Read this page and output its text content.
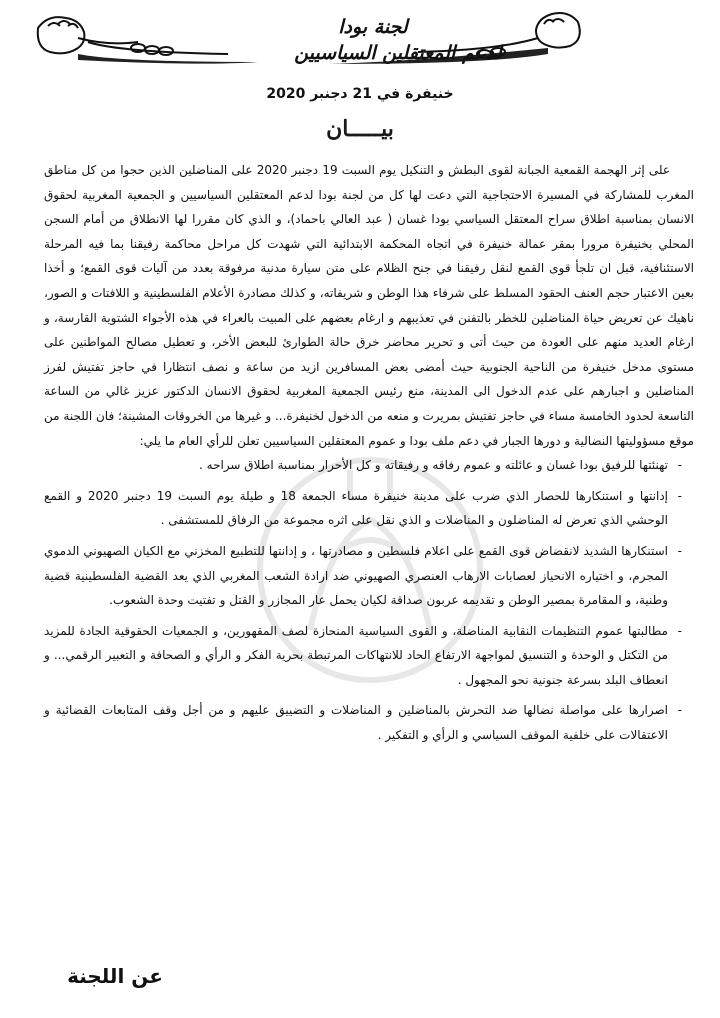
لجنة بودا
لدعم المعتقلين السياسيين
خنيفرة في 21 دجنبر 2020
بيـــــان

على إثر الهجمة القمعية الجبانة لقوى البطش و التنكيل يوم السبت 19 دجنبر 2020 على المناضلين الذين حجوا من كل مناطق المغرب للمشاركة في المسيرة الاحتجاجية التي دعت لها كل من لجنة بودا لدعم المعتقلين السياسيين و الجمعية المغربية لحقوق الانسان بمناسبة اطلاق سراح المعتقل السياسي بودا غسان ( عبد العالي باحماد)، و الذي كان مقررا لها الانطلاق من أمام السجن المحلي بخنيفرة مرورا بمقر عمالة خنيفرة في اتجاه المحكمة الابتدائية التي شهدت كل مراحل محاكمة رفيقنا بما فيه المرحلة الاستئنافية، قبل ان تلجأ قوى القمع لنقل رفيقنا في جنح الظلام على متن سيارة مدنية مرفوقة بعدد من آليات قوى القمع؛ و أخذا بعين الاعتبار حجم العنف الحقود المسلط على شرفاء هذا الوطن و شريفاته، و كذلك مصادرة الأعلام الفلسطينية و اللافتات و الصور، ناهيك عن تعريض حياة المناضلين للخطر بالتفنن في تعذيبهم و ارغام بعضهم على المبيت بالعراء في هذه الأجواء الشتوية القارسة، و ارغام العديد منهم على العودة من حيث أتى و تحرير محاضر خرق حالة الطوارئ للبعض الأخر، و تعطيل مصالح المواطنين على مستوى مدخل خنيفرة من الناحية الجنوبية حيث أمضى بعض المسافرين ازيد من ساعة و نصف انتظارا في حاجز تفتيش لفرز المناضلين و اجبارهم على عدم الدخول الى المدينة، منع رئيس الجمعية المغربية لحقوق الانسان الدكتور عزيز غالي من الساعة التاسعة لحدود الخامسة مساء في حاجز تفتيش بمريرت و منعه من الدخول لخنيفرة... و غيرها من الخروقات المشينة؛ فان اللجنة من موقع مسؤوليتها النضالية و دورها الجبار في دعم ملف بودا و عموم المعتقلين السياسيين تعلن للرأي العام ما يلي:

- تهنئتها للرفيق بودا غسان و عائلته و عموم رفاقه و رفيقاته و كل الأحرار بمناسبة اطلاق سراحه .
- إدانتها و استنكارها للحصار الذي ضرب على مدينة خنيفرة مساء الجمعة 18 و طيلة يوم السبت 19 دجنبر 2020 و القمع الوحشي الذي تعرض له المناضلون و المناضلات و الذي نقل على اثره مجموعة من الرفاق للمستشفى .
- استنكارها الشديد لانقضاض قوى القمع على اعلام فلسطين و مصادرتها ، و إدانتها للتطبيع المخزني مع الكيان الصهيوني الدموي المجرم، و اختياره الانحياز لعصابات الارهاب العنصري الصهيوني ضد ارادة الشعب المغربي الذي يعد القضية الفلسطينية قضية وطنية، و المقامرة بمصير الوطن و تقديمه عربون صداقة لكيان يحمل عار المجازر و القتل و تفتيت وحدة الشعوب.
- مطالبتها عموم التنظيمات النقابية المناضلة، و القوى السياسية المنحازة لصف المقهورين، و الجمعيات الحقوقية الجادة للمزيد من التكتل و الوحدة و التنسيق لمواجهة الارتفاع الحاد للانتهاكات المرتبطة بحرية الفكر و الرأي و الصحافة و التعبير الرقمي... و انعطاف البلد بسرعة جنونية نحو المجهول .
- اصرارها على مواصلة نضالها ضد التحرش بالمناضلين و المناضلات و التضييق عليهم و من أجل وقف المتابعات القضائية و الاعتقالات على خلفية الموقف السياسي و الرأي و التفكير .
عن اللجنة
